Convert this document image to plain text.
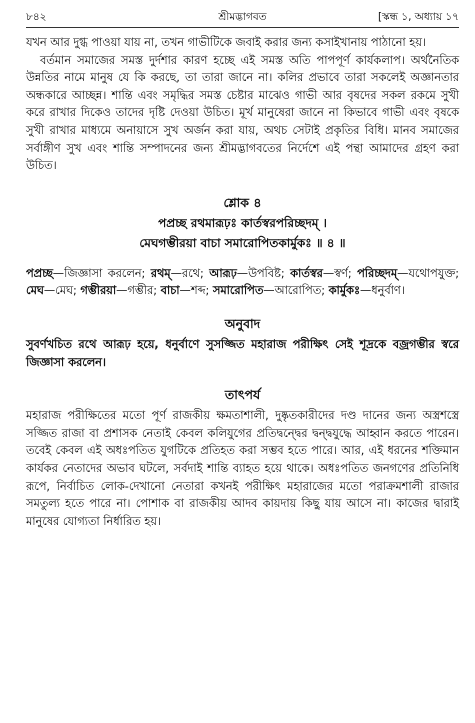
৮৪২	শ্রীমদ্ভাগবত	[স্কন্ধ ১, অধ্যায় ১৭

যখন আর দুগ্ধ পাওয়া যায় না, তখন গাভীটিকে জবাই করার জন্য কসাইখানায় পাঠানো হয়।

বর্তমান সমাজের সমস্ত দুর্দশার কারণ হচ্ছে এই সমস্ত অতি পাপপূর্ণ কার্যকলাপ। অর্থনৈতিক উন্নতির নামে মানুষ যে কি করছে, তা তারা জানে না। কলির প্রভাবে তারা সকলেই অজ্ঞানতার অন্ধকারে আচ্ছন্ন। শান্তি এবং সমৃদ্ধির সমস্ত চেষ্টার মাঝেও গাভী আর বৃষদের সকল রকমে সুখী করে রাখার দিকেও তাদের দৃষ্টি দেওয়া উচিত। মূর্খ মানুষেরা জানে না কিভাবে গাভী এবং বৃষকে সুখী রাখার মাধ্যমে অনায়াসে সুখ অর্জন করা যায়, অথচ সেটাই প্রকৃতির বিধি। মানব সমাজের সর্বাঙ্গীণ সুখ এবং শান্তি সম্পাদনের জন্য শ্রীমদ্ভাগবতের নির্দেশে এই পন্থা আমাদের গ্রহণ করা উচিত।

শ্লোক ৪
পপ্রচ্ছ রথমারূঢ়ঃ কার্তস্বরপরিচ্ছদম্ ।
মেঘগম্ভীরয়া বাচা সমারোপিতকার্মুকঃ ॥ ৪ ॥

পপ্রচ্ছ—জিজ্ঞাসা করলেন; রথম্—রথে; আরূঢ়—উপবিষ্ট; কার্তস্বর—স্বর্ণ; পরিচ্ছদম্—যথোপযুক্ত; মেঘ—মেঘ; গম্ভীরয়া—গম্ভীর; বাচা—শব্দ; সমারোপিত—আরোপিত; কার্মুকঃ—ধনুর্বাণ।

অনুবাদ

সুবর্ণখচিত রথে আরূঢ় হয়ে, ধনুর্বাণে সুসজ্জিত মহারাজ পরীক্ষিৎ সেই শূদ্রকে বজ্রগম্ভীর স্বরে জিজ্ঞাসা করলেন।

তাৎপর্য

মহারাজ পরীক্ষিতের মতো পূর্ণ রাজকীয় ক্ষমতাশালী, দুষ্কৃতকারীদের দণ্ড দানের জন্য অস্ত্রশস্ত্রে সজ্জিত রাজা বা প্রশাসক নেতাই কেবল কলিযুগের প্রতিদ্বন্দ্বের দ্বন্দ্বযুদ্ধে আহ্বান করতে পারেন। তবেই কেবল এই অধঃপতিত যুগটিকে প্রতিহত করা সম্ভব হতে পারে। আর, এই ধরনের শক্তিমান কার্যকর নেতাদের অভাব ঘটলে, সর্বদাই শান্তি ব্যাহত হয়ে থাকে। অধঃপতিত জনগণের প্রতিনিধি রূপে, নির্বাচিত লোক-দেখানো নেতারা কখনই পরীক্ষিৎ মহারাজের মতো পরাক্রমশালী রাজার সমতুল্য হতে পারে না। পোশাক বা রাজকীয় আদব কায়দায় কিছু যায় আসে না। কাজের দ্বারাই মানুষের যোগ্যতা নির্ধারিত হয়।
